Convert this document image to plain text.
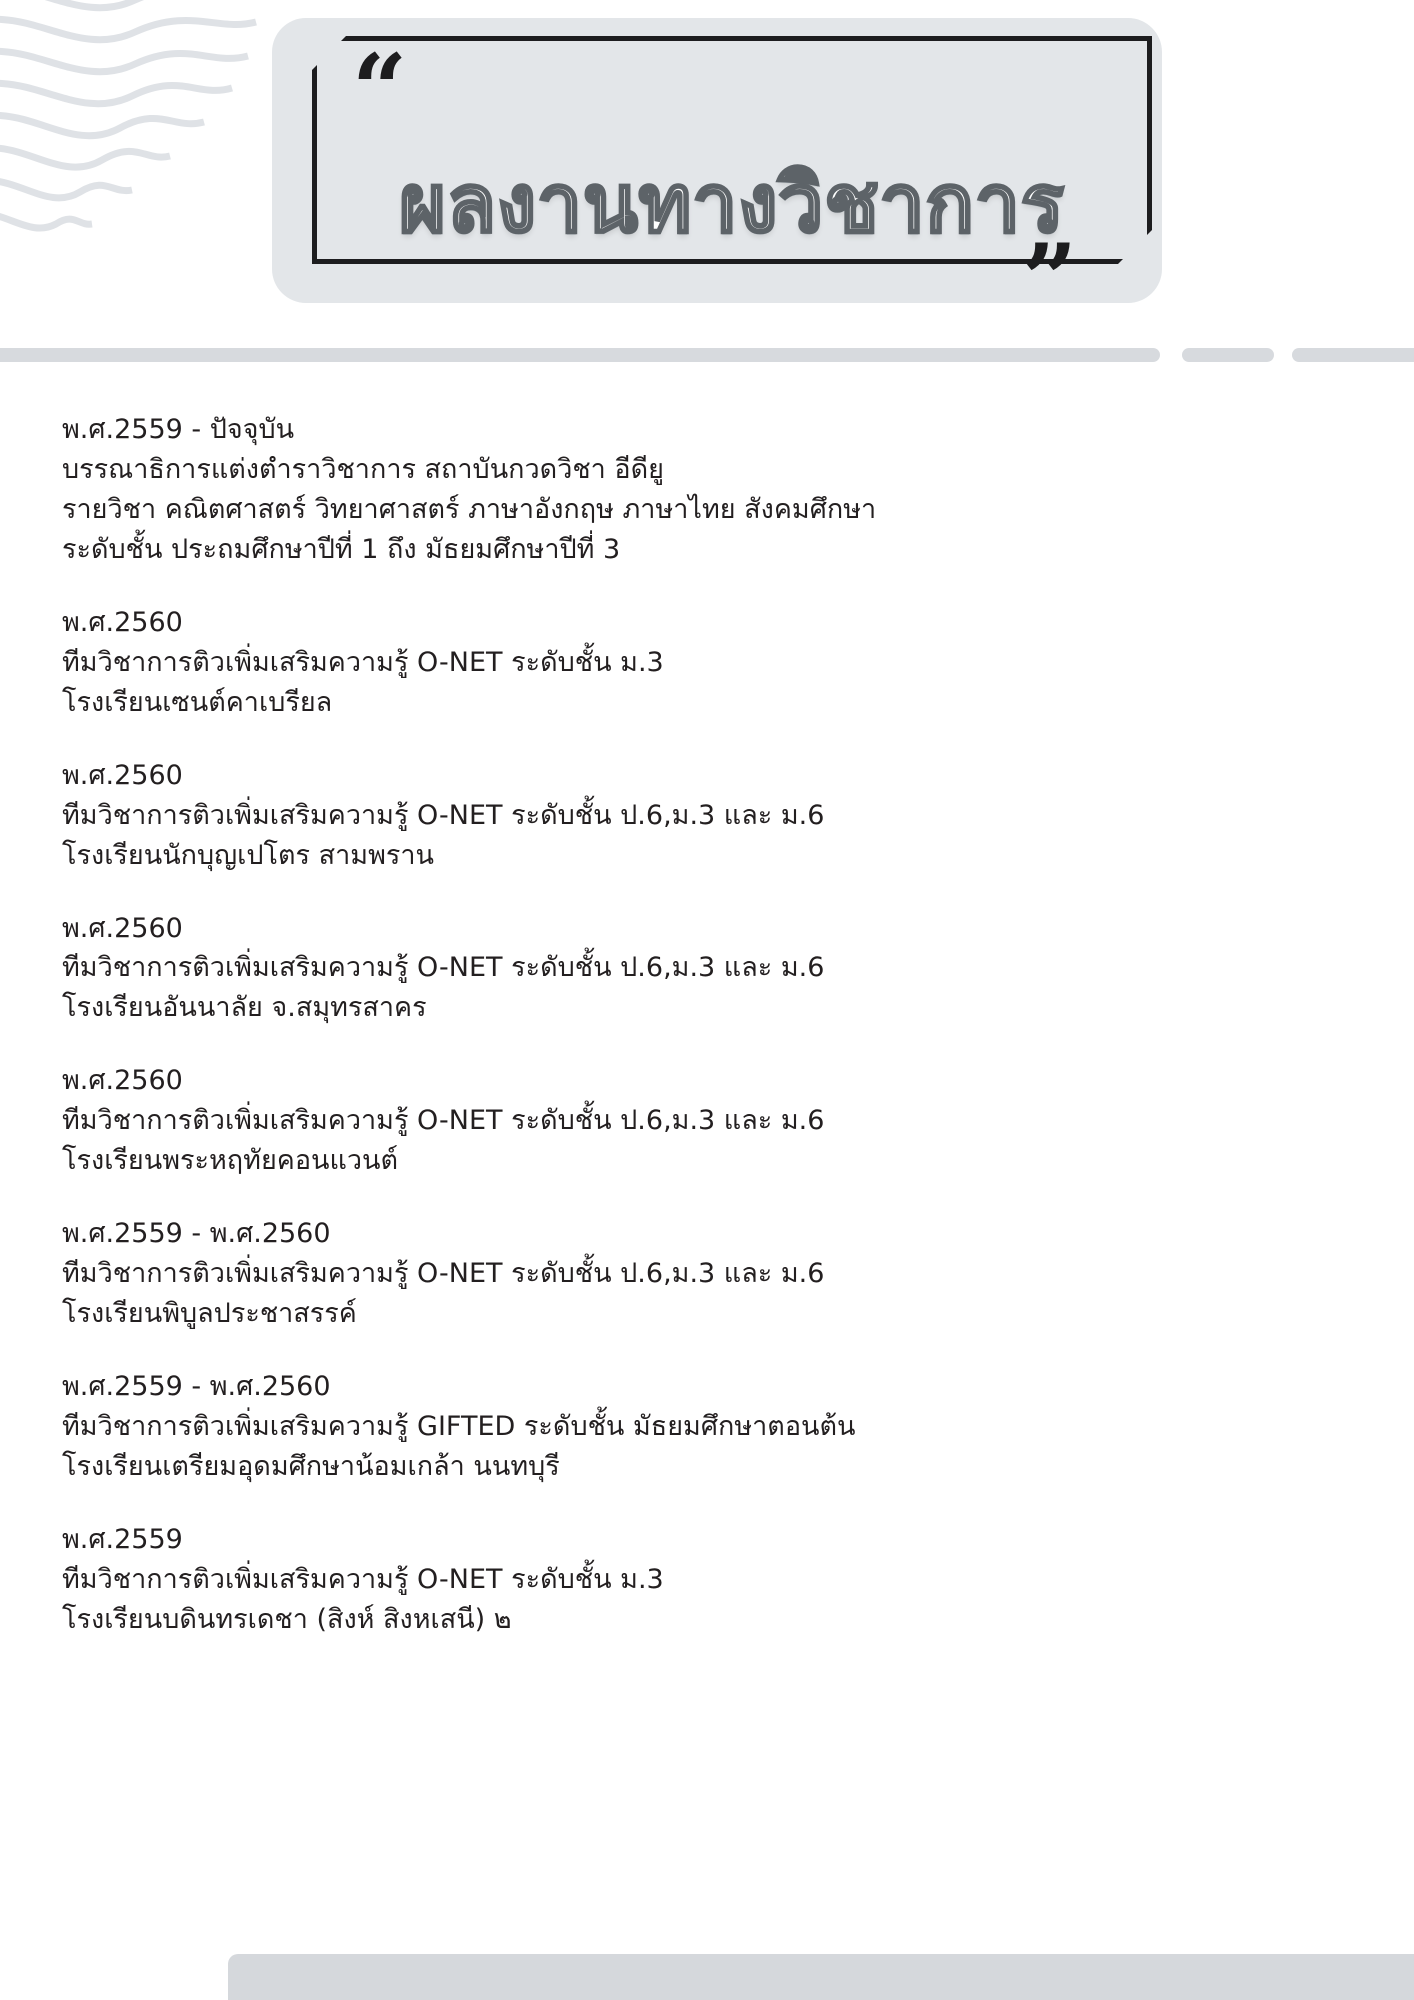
“
”
ผลงานทางวิชาการ
พ.ศ.2559 - ปัจจุบัน
บรรณาธิการแต่งตำราวิชาการ สถาบันกวดวิชา อีดียู
รายวิชา คณิตศาสตร์ วิทยาศาสตร์ ภาษาอังกฤษ ภาษาไทย สังคมศึกษา
ระดับชั้น ประถมศึกษาปีที่ 1 ถึง มัธยมศึกษาปีที่ 3
พ.ศ.2560
ทีมวิชาการติวเพิ่มเสริมความรู้ O-NET ระดับชั้น ม.3
โรงเรียนเซนต์คาเบรียล
พ.ศ.2560
ทีมวิชาการติวเพิ่มเสริมความรู้ O-NET ระดับชั้น ป.6,ม.3 และ ม.6
โรงเรียนนักบุญเปโตร สามพราน
พ.ศ.2560
ทีมวิชาการติวเพิ่มเสริมความรู้ O-NET ระดับชั้น ป.6,ม.3 และ ม.6
โรงเรียนอันนาลัย จ.สมุทรสาคร
พ.ศ.2560
ทีมวิชาการติวเพิ่มเสริมความรู้ O-NET ระดับชั้น ป.6,ม.3 และ ม.6
โรงเรียนพระหฤทัยคอนแวนต์
พ.ศ.2559 - พ.ศ.2560
ทีมวิชาการติวเพิ่มเสริมความรู้ O-NET ระดับชั้น ป.6,ม.3 และ ม.6
โรงเรียนพิบูลประชาสรรค์
พ.ศ.2559 - พ.ศ.2560
ทีมวิชาการติวเพิ่มเสริมความรู้ GIFTED ระดับชั้น มัธยมศึกษาตอนต้น
โรงเรียนเตรียมอุดมศึกษาน้อมเกล้า นนทบุรี
พ.ศ.2559
ทีมวิชาการติวเพิ่มเสริมความรู้ O-NET ระดับชั้น ม.3
โรงเรียนบดินทรเดชา (สิงห์ สิงหเสนี) ๒
